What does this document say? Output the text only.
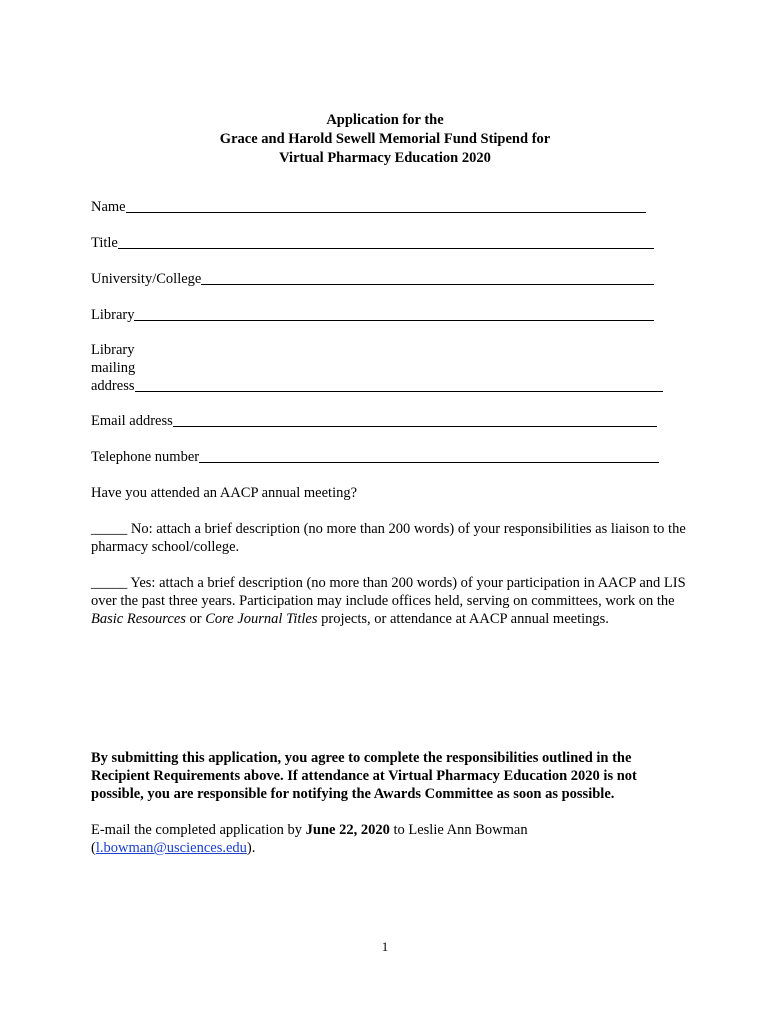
Application for the
Grace and Harold Sewell Memorial Fund Stipend for
Virtual Pharmacy Education 2020
Name
Title
University/College
Library
Library
mailing
address
Email address
Telephone number
Have you attended an AACP annual meeting?
_____ No: attach a brief description (no more than 200 words) of your responsibilities as liaison to the pharmacy school/college.
_____ Yes: attach a brief description (no more than 200 words) of your participation in AACP and LIS over the past three years. Participation may include offices held, serving on committees, work on the Basic Resources or Core Journal Titles projects, or attendance at AACP annual meetings.
By submitting this application, you agree to complete the responsibilities outlined in the Recipient Requirements above. If attendance at Virtual Pharmacy Education 2020 is not possible, you are responsible for notifying the Awards Committee as soon as possible.
E-mail the completed application by June 22, 2020 to Leslie Ann Bowman
(l.bowman@usciences.edu).
1
